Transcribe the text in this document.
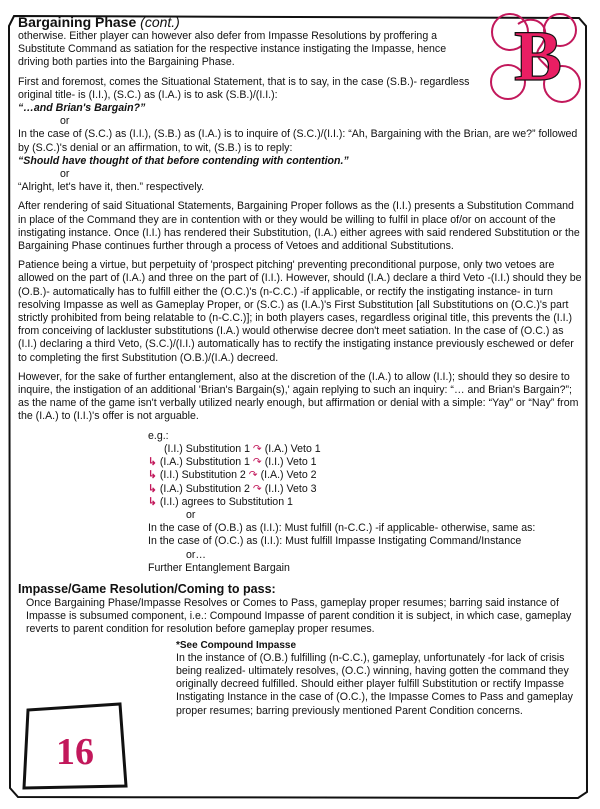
B
16
Bargaining Phase (cont.)

otherwise. Either player can however also defer from Impasse Resolutions by proffering a Substitute Command as satiation for the respective instance instigating the Impasse, hence driving both parties into the Bargaining Phase.

First and foremost, comes the Situational Statement, that is to say, in the case (S.B.)- regardless original title- is (I.I.), (S.C.) as (I.A.) is to ask (S.B.)/(I.I.):

“…and Brian's Bargain?”

or

In the case of (S.C.) as (I.I.), (S.B.) as (I.A.) is to inquire of (S.C.)/(I.I.): “Ah, Bargaining with the Brian, are we?” followed by (S.C.)'s denial or an affirmation, to wit, (S.B.) is to reply:

“Should have thought of that before contending with contention.”

or

“Alright, let's have it, then.” respectively.

After rendering of said Situational Statements, Bargaining Proper follows as the (I.I.) presents a Substitution Command in place of the Command they are in contention with or they would be willing to fulfil in place of/or on account of the instigating instance. Once (I.I.) has rendered their Substitution, (I.A.) either agrees with said rendered Substitution or the Bargaining Phase continues further through a process of Vetoes and additional Substitutions.

Patience being a virtue, but perpetuity of 'prospect pitching' preventing preconditional purpose, only two vetoes are allowed on the part of (I.A.) and three on the part of (I.I.). However, should (I.A.) declare a third Veto -(I.I.) should they be (O.B.)- automatically has to fulfill either the (O.C.)'s (n-C.C.) -if applicable, or rectify the instigating instance- in turn resolving Impasse as well as Gameplay Proper, or (S.C.) as (I.A.)'s First Substitution [all Substitutions on (O.C.)'s part strictly prohibited from being relatable to (n-C.C.)]; in both players cases, regardless original title, this prevents the (I.I.) from conceiving of lackluster substitutions (I.A.) would otherwise decree don't meet satiation. In the case of (O.C.) as (I.I.) declaring a third Veto, (S.C.)/(I.I.) automatically has to rectify the instigating instance previously eschewed or defer to completing the first Substitution (O.B.)/(I.A.) decreed.

However, for the sake of further entanglement, also at the discretion of the (I.A.) to allow (I.I.); should they so desire to inquire, the instigation of an additional 'Brian's Bargain(s),' again replying to such an inquiry: “… and Brian's Bargain?”; as the name of the game isn't verbally utilized nearly enough, but affirmation or denial with a simple: “Yay” or “Nay” from the (I.A.) to (I.I.)'s offer is not arguable.

e.g.:
(I.I.) Substitution 1 ↷ (I.A.) Veto 1
↳ (I.A.) Substitution 1 ↷ (I.I.) Veto 1
↳ (I.I.) Substitution 2 ↷ (I.A.) Veto 2
↳ (I.A.) Substitution 2 ↷ (I.I.) Veto 3
↳ (I.I.) agrees to Substitution 1
or
In the case of (O.B.) as (I.I.): Must fulfill (n-C.C.) -if applicable- otherwise, same as:
In the case of (O.C.) as (I.I.): Must fulfill Impasse Instigating Command/Instance
or…
Further Entanglement Bargain
Impasse/Game Resolution/Coming to pass:

Once Bargaining Phase/Impasse Resolves or Comes to Pass, gameplay proper resumes; barring said instance of Impasse is subsumed component, i.e.: Compound Impasse of parent condition it is subject, in which case, gameplay reverts to parent condition for resolution before gameplay proper resumes.

*See Compound Impasse

In the instance of (O.B.) fulfilling (n-C.C.), gameplay, unfortunately -for lack of crisis being realized- ultimately resolves, (O.C.) winning, having gotten the command they originally decreed fulfilled. Should either player fulfill Substitution or rectify Impasse Instigating Instance in the case of (O.C.), the Impasse Comes to Pass and gameplay proper resumes; barring previously mentioned Parent Condition concerns.
